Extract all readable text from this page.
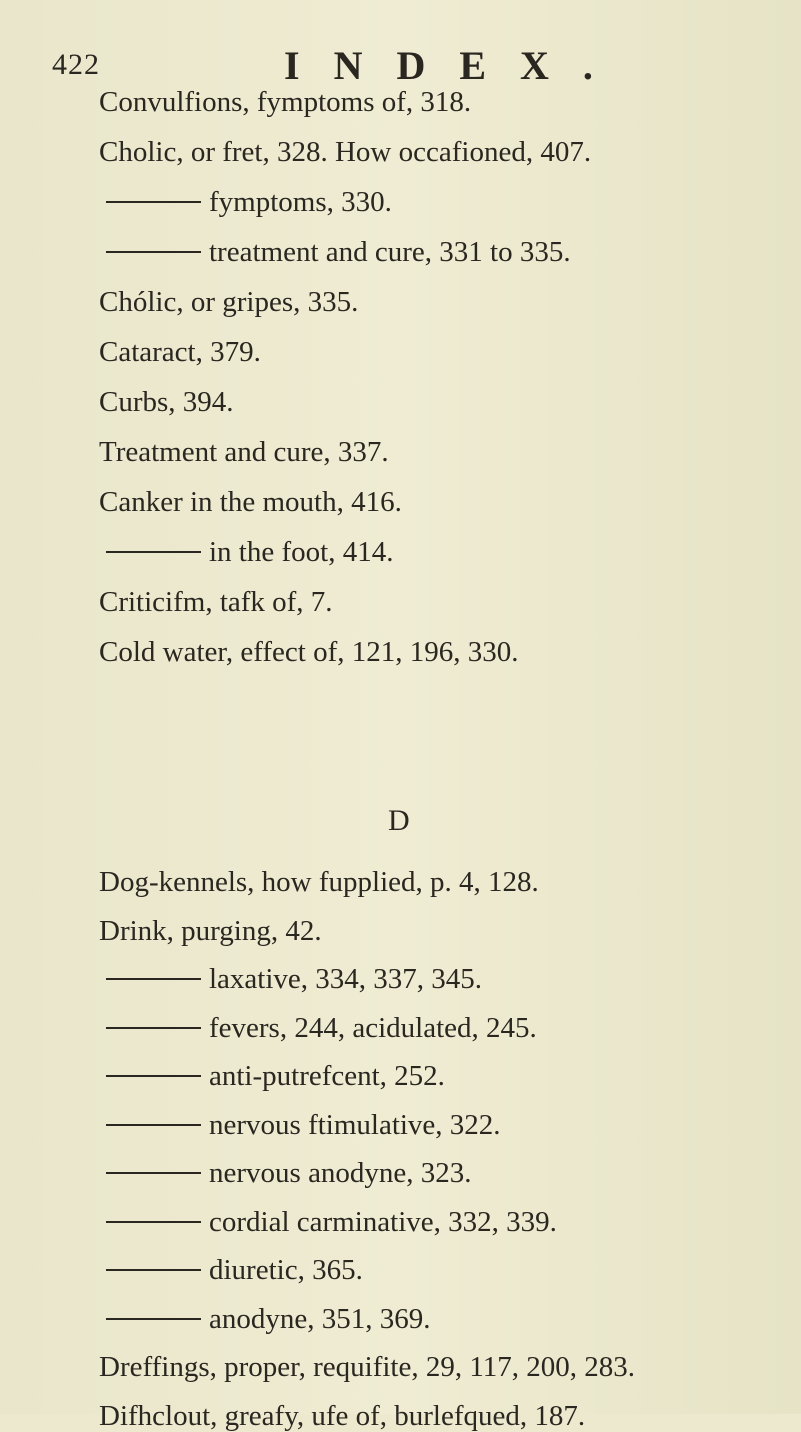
422	INDEX.
Convulfions, fymptoms of, 318.
Cholic, or fret, 328. How occafioned, 407.
fymptoms, 330.
treatment and cure, 331 to 335.
Chólic, or gripes, 335.
Cataract, 379.
Curbs, 394.
Treatment and cure, 337.
Canker in the mouth, 416.
in the foot, 414.
Criticifm, tafk of, 7.
Cold water, effect of, 121, 196, 330.
Dog-kennels, how fupplied, p. 4, 128.
Drink, purging, 42.
laxative, 334, 337, 345.
fevers, 244, acidulated, 245.
anti-putrefcent, 252.
nervous ftimulative, 322.
nervous anodyne, 323.
cordial carminative, 332, 339.
diuretic, 365.
anodyne, 351, 369.
Dreffings, proper, requifite, 29, 117, 200, 283.
Difhclout, greafy, ufe of, burlefqued, 187.
D
